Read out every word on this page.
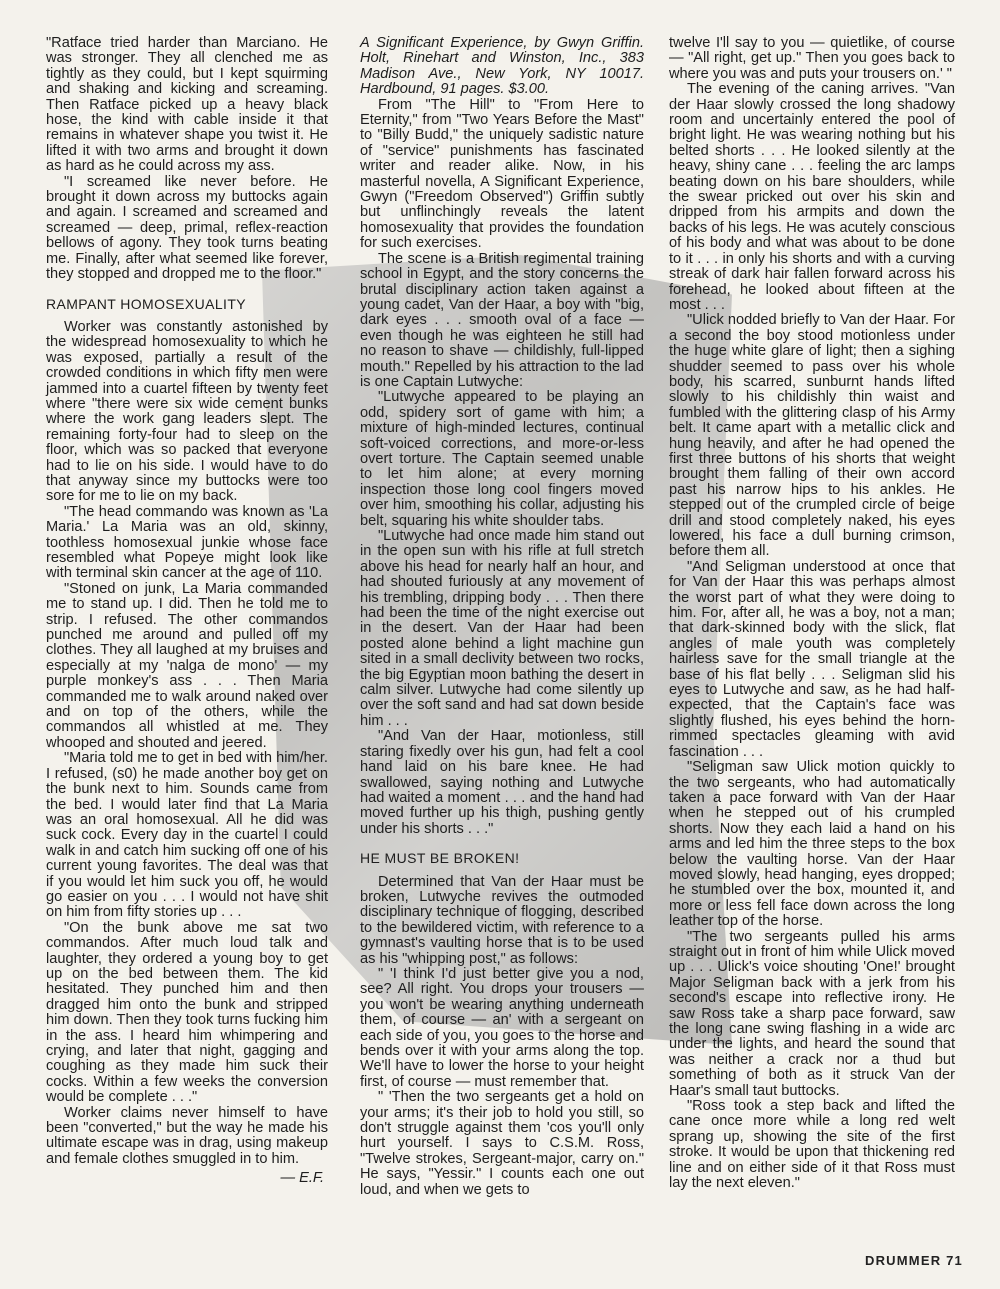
"Ratface tried harder than Marciano. He was stronger. They all clenched me as tightly as they could, but I kept squirming and shaking and kicking and screaming. Then Ratface picked up a heavy black hose, the kind with cable inside it that remains in whatever shape you twist it. He lifted it with two arms and brought it down as hard as he could across my ass.

"I screamed like never before. He brought it down across my buttocks again and again. I screamed and screamed and screamed — deep, primal, reflex-reaction bellows of agony. They took turns beating me. Finally, after what seemed like forever, they stopped and dropped me to the floor."

RAMPANT HOMOSEXUALITY

Worker was constantly astonished by the widespread homosexuality to which he was exposed, partially a result of the crowded conditions in which fifty men were jammed into a cuartel fifteen by twenty feet where "there were six wide cement bunks where the work gang leaders slept. The remaining forty-four had to sleep on the floor, which was so packed that everyone had to lie on his side. I would have to do that anyway since my buttocks were too sore for me to lie on my back.

"The head commando was known as 'La Maria.' La Maria was an old, skinny, toothless homosexual junkie whose face resembled what Popeye might look like with terminal skin cancer at the age of 110.

"Stoned on junk, La Maria commanded me to stand up. I did. Then he told me to strip. I refused. The other commandos punched me around and pulled off my clothes. They all laughed at my bruises and especially at my 'nalga de mono' — my purple monkey's ass . . . Then Maria commanded me to walk around naked over and on top of the others, while the commandos all whistled at me. They whooped and shouted and jeered.

"Maria told me to get in bed with him/her. I refused, (s0) he made another boy get on the bunk next to him. Sounds came from the bed. I would later find that La Maria was an oral homosexual. All he did was suck cock. Every day in the cuartel I could walk in and catch him sucking off one of his current young favorites. The deal was that if you would let him suck you off, he would go easier on you . . . I would not have shit on him from fifty stories up . . .

"On the bunk above me sat two commandos. After much loud talk and laughter, they ordered a young boy to get up on the bed between them. The kid hesitated. They punched him and then dragged him onto the bunk and stripped him down. Then they took turns fucking him in the ass. I heard him whimpering and crying, and later that night, gagging and coughing as they made him suck their cocks. Within a few weeks the conversion would be complete . . ."

Worker claims never himself to have been "converted," but the way he made his ultimate escape was in drag, using makeup and female clothes smuggled in to him.

— E.F.

A Significant Experience, by Gwyn Griffin. Holt, Rinehart and Winston, Inc., 383 Madison Ave., New York, NY 10017. Hardbound, 91 pages. $3.00.

From "The Hill" to "From Here to Eternity," from "Two Years Before the Mast" to "Billy Budd," the uniquely sadistic nature of "service" punishments has fascinated writer and reader alike. Now, in his masterful novella, A Significant Experience, Gwyn ("Freedom Observed") Griffin subtly but unflinchingly reveals the latent homosexuality that provides the foundation for such exercises.

The scene is a British regimental training school in Egypt, and the story concerns the brutal disciplinary action taken against a young cadet, Van der Haar, a boy with "big, dark eyes . . . smooth oval of a face — even though he was eighteen he still had no reason to shave — childishly, full-lipped mouth." Repelled by his attraction to the lad is one Captain Lutwyche:

"Lutwyche appeared to be playing an odd, spidery sort of game with him; a mixture of high-minded lectures, continual soft-voiced corrections, and more-or-less overt torture. The Captain seemed unable to let him alone; at every morning inspection those long cool fingers moved over him, smoothing his collar, adjusting his belt, squaring his white shoulder tabs.

"Lutwyche had once made him stand out in the open sun with his rifle at full stretch above his head for nearly half an hour, and had shouted furiously at any movement of his trembling, dripping body . . . Then there had been the time of the night exercise out in the desert. Van der Haar had been posted alone behind a light machine gun sited in a small declivity between two rocks, the big Egyptian moon bathing the desert in calm silver. Lutwyche had come silently up over the soft sand and had sat down beside him . . .

"And Van der Haar, motionless, still staring fixedly over his gun, had felt a cool hand laid on his bare knee. He had swallowed, saying nothing and Lutwyche had waited a moment . . . and the hand had moved further up his thigh, pushing gently under his shorts . . ."

HE MUST BE BROKEN!

Determined that Van der Haar must be broken, Lutwyche revives the outmoded disciplinary technique of flogging, described to the bewildered victim, with reference to a gymnast's vaulting horse that is to be used as his "whipping post," as follows:

" 'I think I'd just better give you a nod, see? All right. You drops your trousers — you won't be wearing anything underneath them, of course — an' with a sergeant on each side of you, you goes to the horse and bends over it with your arms along the top. We'll have to lower the horse to your height first, of course — must remember that.

" 'Then the two sergeants get a hold on your arms; it's their job to hold you still, so don't struggle against them 'cos you'll only hurt yourself. I says to C.S.M. Ross, "Twelve strokes, Sergeant-major, carry on." He says, "Yessir." I counts each one out loud, and when we gets to

twelve I'll say to you — quietlike, of course — "All right, get up." Then you goes back to where you was and puts your trousers on.' "

The evening of the caning arrives. "Van der Haar slowly crossed the long shadowy room and uncertainly entered the pool of bright light. He was wearing nothing but his belted shorts . . . He looked silently at the heavy, shiny cane . . . feeling the arc lamps beating down on his bare shoulders, while the swear pricked out over his skin and dripped from his armpits and down the backs of his legs. He was acutely conscious of his body and what was about to be done to it . . . in only his shorts and with a curving streak of dark hair fallen forward across his forehead, he looked about fifteen at the most . . .

"Ulick nodded briefly to Van der Haar. For a second the boy stood motionless under the huge white glare of light; then a sighing shudder seemed to pass over his whole body, his scarred, sunburnt hands lifted slowly to his childishly thin waist and fumbled with the glittering clasp of his Army belt. It came apart with a metallic click and hung heavily, and after he had opened the first three buttons of his shorts that weight brought them falling of their own accord past his narrow hips to his ankles. He stepped out of the crumpled circle of beige drill and stood completely naked, his eyes lowered, his face a dull burning crimson, before them all.

"And Seligman understood at once that for Van der Haar this was perhaps almost the worst part of what they were doing to him. For, after all, he was a boy, not a man; that dark-skinned body with the slick, flat angles of male youth was completely hairless save for the small triangle at the base of his flat belly . . . Seligman slid his eyes to Lutwyche and saw, as he had half-expected, that the Captain's face was slightly flushed, his eyes behind the horn-rimmed spectacles gleaming with avid fascination . . .

"Seligman saw Ulick motion quickly to the two sergeants, who had automatically taken a pace forward with Van der Haar when he stepped out of his crumpled shorts. Now they each laid a hand on his arms and led him the three steps to the box below the vaulting horse. Van der Haar moved slowly, head hanging, eyes dropped; he stumbled over the box, mounted it, and more or less fell face down across the long leather top of the horse.

"The two sergeants pulled his arms straight out in front of him while Ulick moved up . . . Ulick's voice shouting 'One!' brought Major Seligman back with a jerk from his second's escape into reflective irony. He saw Ross take a sharp pace forward, saw the long cane swing flashing in a wide arc under the lights, and heard the sound that was neither a crack nor a thud but something of both as it struck Van der Haar's small taut buttocks.

"Ross took a step back and lifted the cane once more while a long red welt sprang up, showing the site of the first stroke. It would be upon that thickening red line and on either side of it that Ross must lay the next eleven."

DRUMMER 71
